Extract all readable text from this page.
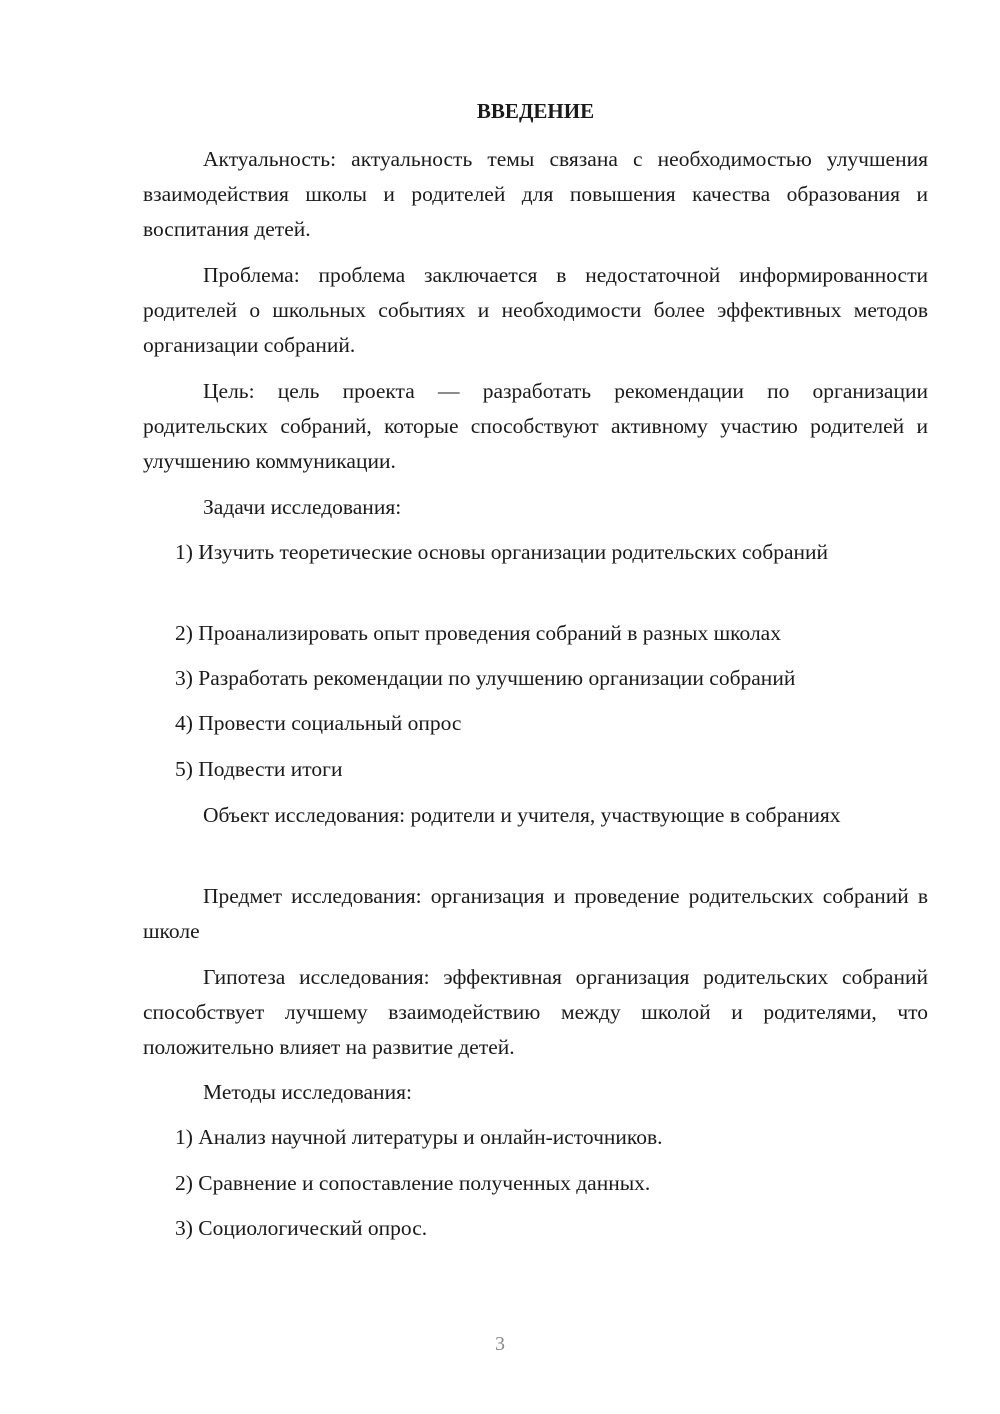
ВВЕДЕНИЕ

Актуальность: актуальность темы связана с необходимостью улучшения взаимодействия школы и родителей для повышения качества образования и воспитания детей.

Проблема: проблема заключается в недостаточной информированности родителей о школьных событиях и необходимости более эффективных методов организации собраний.

Цель: цель проекта — разработать рекомендации по организации родительских собраний, которые способствуют активному участию родителей и улучшению коммуникации.

Задачи исследования:

1) Изучить теоретические основы организации родительских собраний

2) Проанализировать опыт проведения собраний в разных школах

3) Разработать рекомендации по улучшению организации собраний

4) Провести социальный опрос

5) Подвести итоги

Объект исследования: родители и учителя, участвующие в собраниях

Предмет исследования: организация и проведение родительских собраний в школе

Гипотеза исследования: эффективная организация родительских собраний способствует лучшему взаимодействию между школой и родителями, что положительно влияет на развитие детей.

Методы исследования:

1) Анализ научной литературы и онлайн-источников.

2) Сравнение и сопоставление полученных данных.

3) Социологический опрос.

3
